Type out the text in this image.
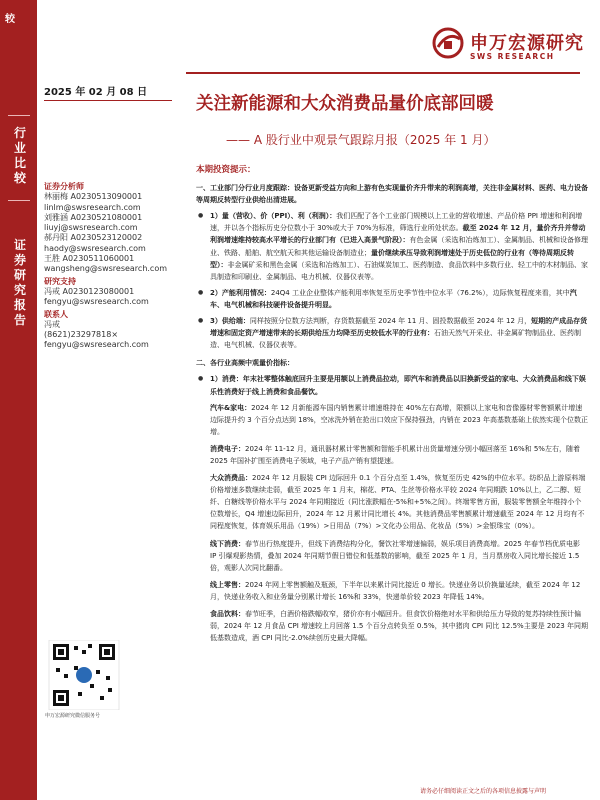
较
行业比较
证券研究报告
申万宏源研究
SWS RESEARCH
2025 年 02 月 08 日
关注新能源和大众消费品量价底部回暖
—— A 股行业中观景气跟踪月报（2025 年 1 月）
证券分析师
林丽梅 A0230513090001
linlm@swsresearch.com
刘雅涵 A0230521080001
liuyj@swsresearch.com
郝丹阳 A0230523120002
haody@swsresearch.com
王胜 A0230511060001
wangsheng@swsresearch.com
研究支持
冯戒 A0230123080001
fengyu@swsresearch.com
联系人
冯戒
(8621)23297818×
fengyu@swsresearch.com
申万宏源研究微信服务号
本期投资提示：
一、工业部门分行业月度跟踪：设备更新受益方向和上游有色实现量价齐升带来的利润高增，关注非金属材料、医药、电力设备等周期反转型行业供给出清进展。
● 1）量（营收）、价（PPI）、利（利润）：我们匹配了各个工业部门规模以上工业的营收增速、产品价格 PPI 增速和利润增速，并以各个指标历史分位数小于 30%或大于 70%为标准，筛选行业所处状态。截至 2024 年 12 月，量价齐升并带动利润增速维持较高水平增长的行业部门有（已进入高景气阶段）：有色金属（采选和冶炼加工）、金属制品、机械和设备修理业、铁路、船舶、航空航天和其他运输设备制造业；量价继续承压导致利润增速处于历史低位的行业有（等待周期反转型）：非金属矿采和黑色金属（采选和冶炼加工）、石油煤炭加工、医药制造、食品饮料中多数行业、轻工中的木材制品、家具制造和印刷业、金属制品、电力机械、仪器仪表等。
● 2）产能利用情况：24Q4 工业企业整体产能利用率恢复至历史季节性中位水平（76.2%），边际恢复程度来看，其中汽车、电气机械和科技硬件设备提升明显。
● 3）供给端：同样按照分位数方法判断，存货数据截至 2024 年 11 月、固投数据截至 2024 年 12 月，短期的产成品存货增速和固定资产增速带来的长期供给压力均降至历史较低水平的行业有：石油天然气开采业、非金属矿物制品业、医药制造、电气机械、仪器仪表等。
二、各行业高频中观量价指标：
● 1）消费：年末社零整体触底回升主要是用额以上消费品拉动，即汽车和消费品以旧换新受益的家电、大众消费品和线下娱乐性消费好于线上消费和食品餐饮。
汽车&家电：2024 年 12 月新能源车国内销售累计增速维持在 40%左右高增，限额以上家电和音像器材零售额累计增速边际提升约 3 个百分点达到 18%，空冰洗外销在抢出口效应下保持强劲，内销在 2023 年高基数基础上依然实现个位数正增。
消费电子：2024 年 11-12 月，通讯器材累计零售额和智能手机累计出货量增速分别小幅回落至 16%和 5%左右，随着 2025 年国补扩围至消费电子领域，电子产品产销有望提速。
大众消费品：2024 年 12 月服装 CPI 边际回升 0.1 个百分点至 1.4%，恢复至历史 42%的中位水平。纺织品上游原料端价格增速多数继续走弱，截至 2025 年 1 月末，棉花、PTA、生丝等价格水平较 2024 年同期跌 10%以上，乙二醇、短纤、白糖线等价格水平与 2024 年同期接近（同比涨跌幅在-5%和+5%之间）。终端零售方面，服装零售额全年维持小个位数增长，Q4 增速边际回升，2024 年 12 月累计同比增长 4%。其他消费品零售额累计增速截至 2024 年 12 月均有不同程度恢复，体育娱乐用品（19%）>日用品（7%）>文化办公用品、化妆品（5%）>金银珠宝（0%）。
线下消费：春节出行热度提升，但线下消费结构分化，餐饮社零增速偏弱，娱乐项目消费高增。2025 年春节档优质电影 IP 引爆观影热情，叠加 2024 年同期节假日错位和低基数的影响，截至 2025 年 1 月，当月票房收入同比增长接近 1.5 倍，观影人次同比翻番。
线上零售：2024 年网上零售额触及瓶颈，下半年以来累计同比接近 0 增长。快递业务以价换量延续，截至 2024 年 12 月，快递业务收入和业务量分别累计增长 16%和 33%，快递单价较 2023 年降低 14%。
食品饮料：春节旺季，白酒价格跌幅收窄，猪价亦有小幅回升。但食饮价格绝对水平和供给压力导致的复苏持续性预计偏弱，2024 年 12 月食品 CPI 增速较上月回落 1.5 个百分点转负至 0.5%，其中猪肉 CPI 同比 12.5%主要是 2023 年同期低基数造成，酒 CPI 同比-2.0%续创历史最大降幅。
请务必仔细阅读正文之后的各项信息披露与声明
